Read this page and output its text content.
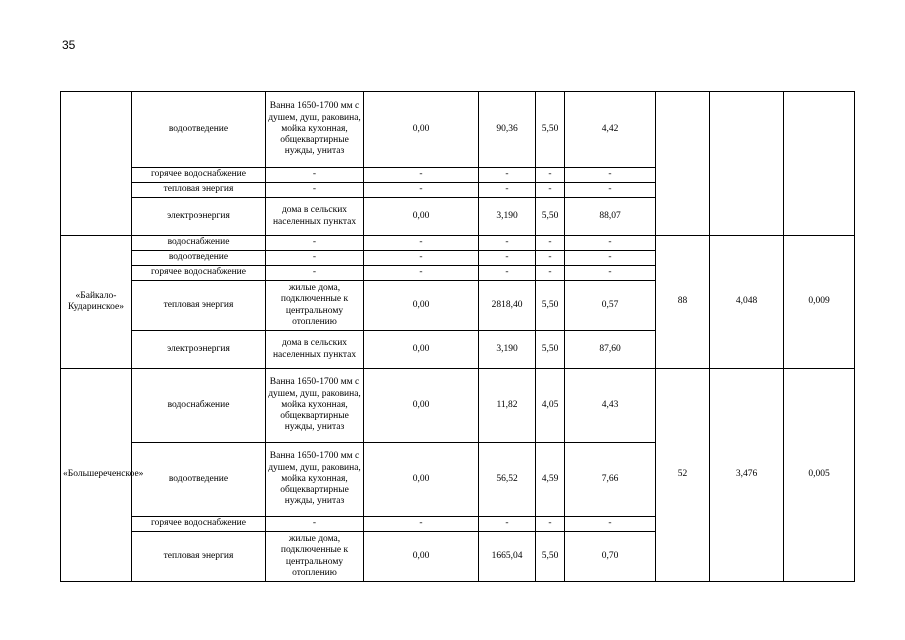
35
	водоотведение	Ванна 1650-1700 мм с душем, душ, раковина, мойка кухонная, общеквартирные нужды, унитаз	0,00	90,36	5,50	4,42			
	горячее водоснабжение	-	-	-	-	-			
	тепловая энергия	-	-	-	-	-			
	электроэнергия	дома в сельских населенных пунктах	0,00	3,190	5,50	88,07			
«Байкало-Кударинское»	водоснабжение	-	-	-	-	-	88	4,048	0,009
	водоотведение	-	-	-	-	-			
	горячее водоснабжение	-	-	-	-	-			
	тепловая энергия	жилые дома, подключенные к центральному отоплению	0,00	2818,40	5,50	0,57			
	электроэнергия	дома в сельских населенных пунктах	0,00	3,190	5,50	87,60			
«Большереченское»	водоснабжение	Ванна 1650-1700 мм с душем, душ, раковина, мойка кухонная, общеквартирные нужды, унитаз	0,00	11,82	4,05	4,43	52	3,476	0,005
	водоотведение	Ванна 1650-1700 мм с душем, душ, раковина, мойка кухонная, общеквартирные нужды, унитаз	0,00	56,52	4,59	7,66			
	горячее водоснабжение	-	-	-	-	-			
	тепловая энергия	жилые дома, подключенные к центральному отоплению	0,00	1665,04	5,50	0,70			
